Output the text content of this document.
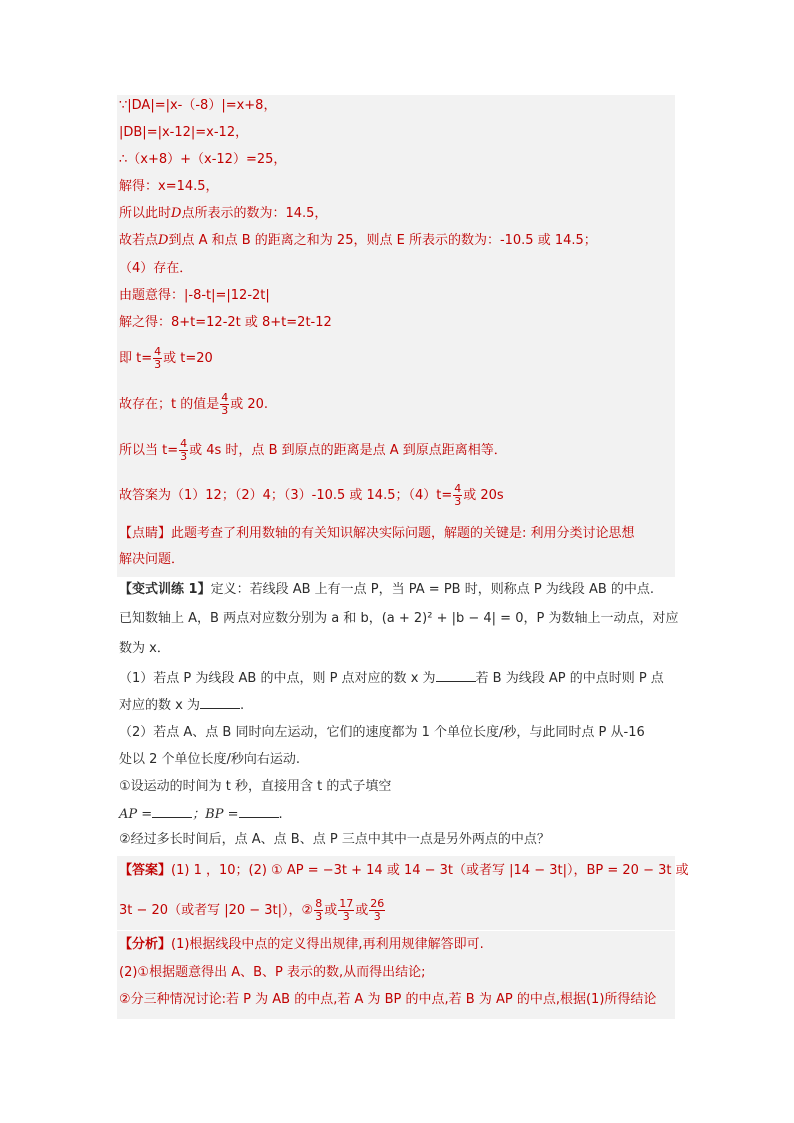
∵|DA|=|x-（-8）|=x+8，
|DB|=|x-12|=x-12，
∴（x+8）+（x-12）=25，
解得：x=14.5，
所以此时D点所表示的数为：14.5，
故若点D到点 A 和点 B 的距离之和为 25，则点 E 所表示的数为：-10.5 或 14.5；
（4）存在．
由题意得：|-8-t|=|12-2t|
解之得：8+t=12-2t 或 8+t=2t-12
即 $t= \frac{4}{3}$ 或 t=20
故存在；t 的值是 $\frac{4}{3}$ 或 20.
所以当 $t= \frac{4}{3}$ 或 4s 时，点 B 到原点的距离是点 A 到原点距离相等．
故答案为（1）12；（2）4；（3）-10.5 或 14.5；$(4)t= \frac{4}{3}$ 或 20s
【点睛】此题考查了利用数轴的有关知识解决实际问题，解题的关键是: 利用分类讨论思想
解决问题．
【变式训练 1】定义：若线段 AB 上有一点 P，当 PA = PB 时，则称点 P 为线段 AB 的中点.
已知数轴上 A，B 两点对应数分别为 a 和 b，(a + 2)² + |b − 4| = 0，P 为数轴上一动点，对应
数为 x．
（1）若点 P 为线段 AB 的中点，则 P 点对应的数 x 为	若 B 为线段 AP 的中点时则 P 点
对应的数 x 为	.
（2）若点 A、点 B 同时向左运动，它们的速度都为 1 个单位长度/秒，与此同时点 P 从-16
处以 2 个单位长度/秒向右运动.
①设运动的时间为 t 秒，直接用含 t 的式子填空
AP =	；BP =	.
②经过多长时间后，点 A、点 B、点 P 三点中其中一点是另外两点的中点？
【答案】(1) 1 ，10；(2) ① AP = −3t + 14 或 14 − 3t（或者写 |14 − 3t|），BP = 20 − 3t 或
3t − 20（或者写 |20 − 3t|），② $\frac{8}{3}$ 或 $\frac{17}{3}$ 或 $\frac{26}{3}$
【分析】(1)根据线段中点的定义得出规律,再利用规律解答即可.
(2)①根据题意得出 A、B、P 表示的数,从而得出结论;
②分三种情况讨论:若 P 为 AB 的中点,若 A 为 BP 的中点,若 B 为 AP 的中点,根据(1)所得结论
